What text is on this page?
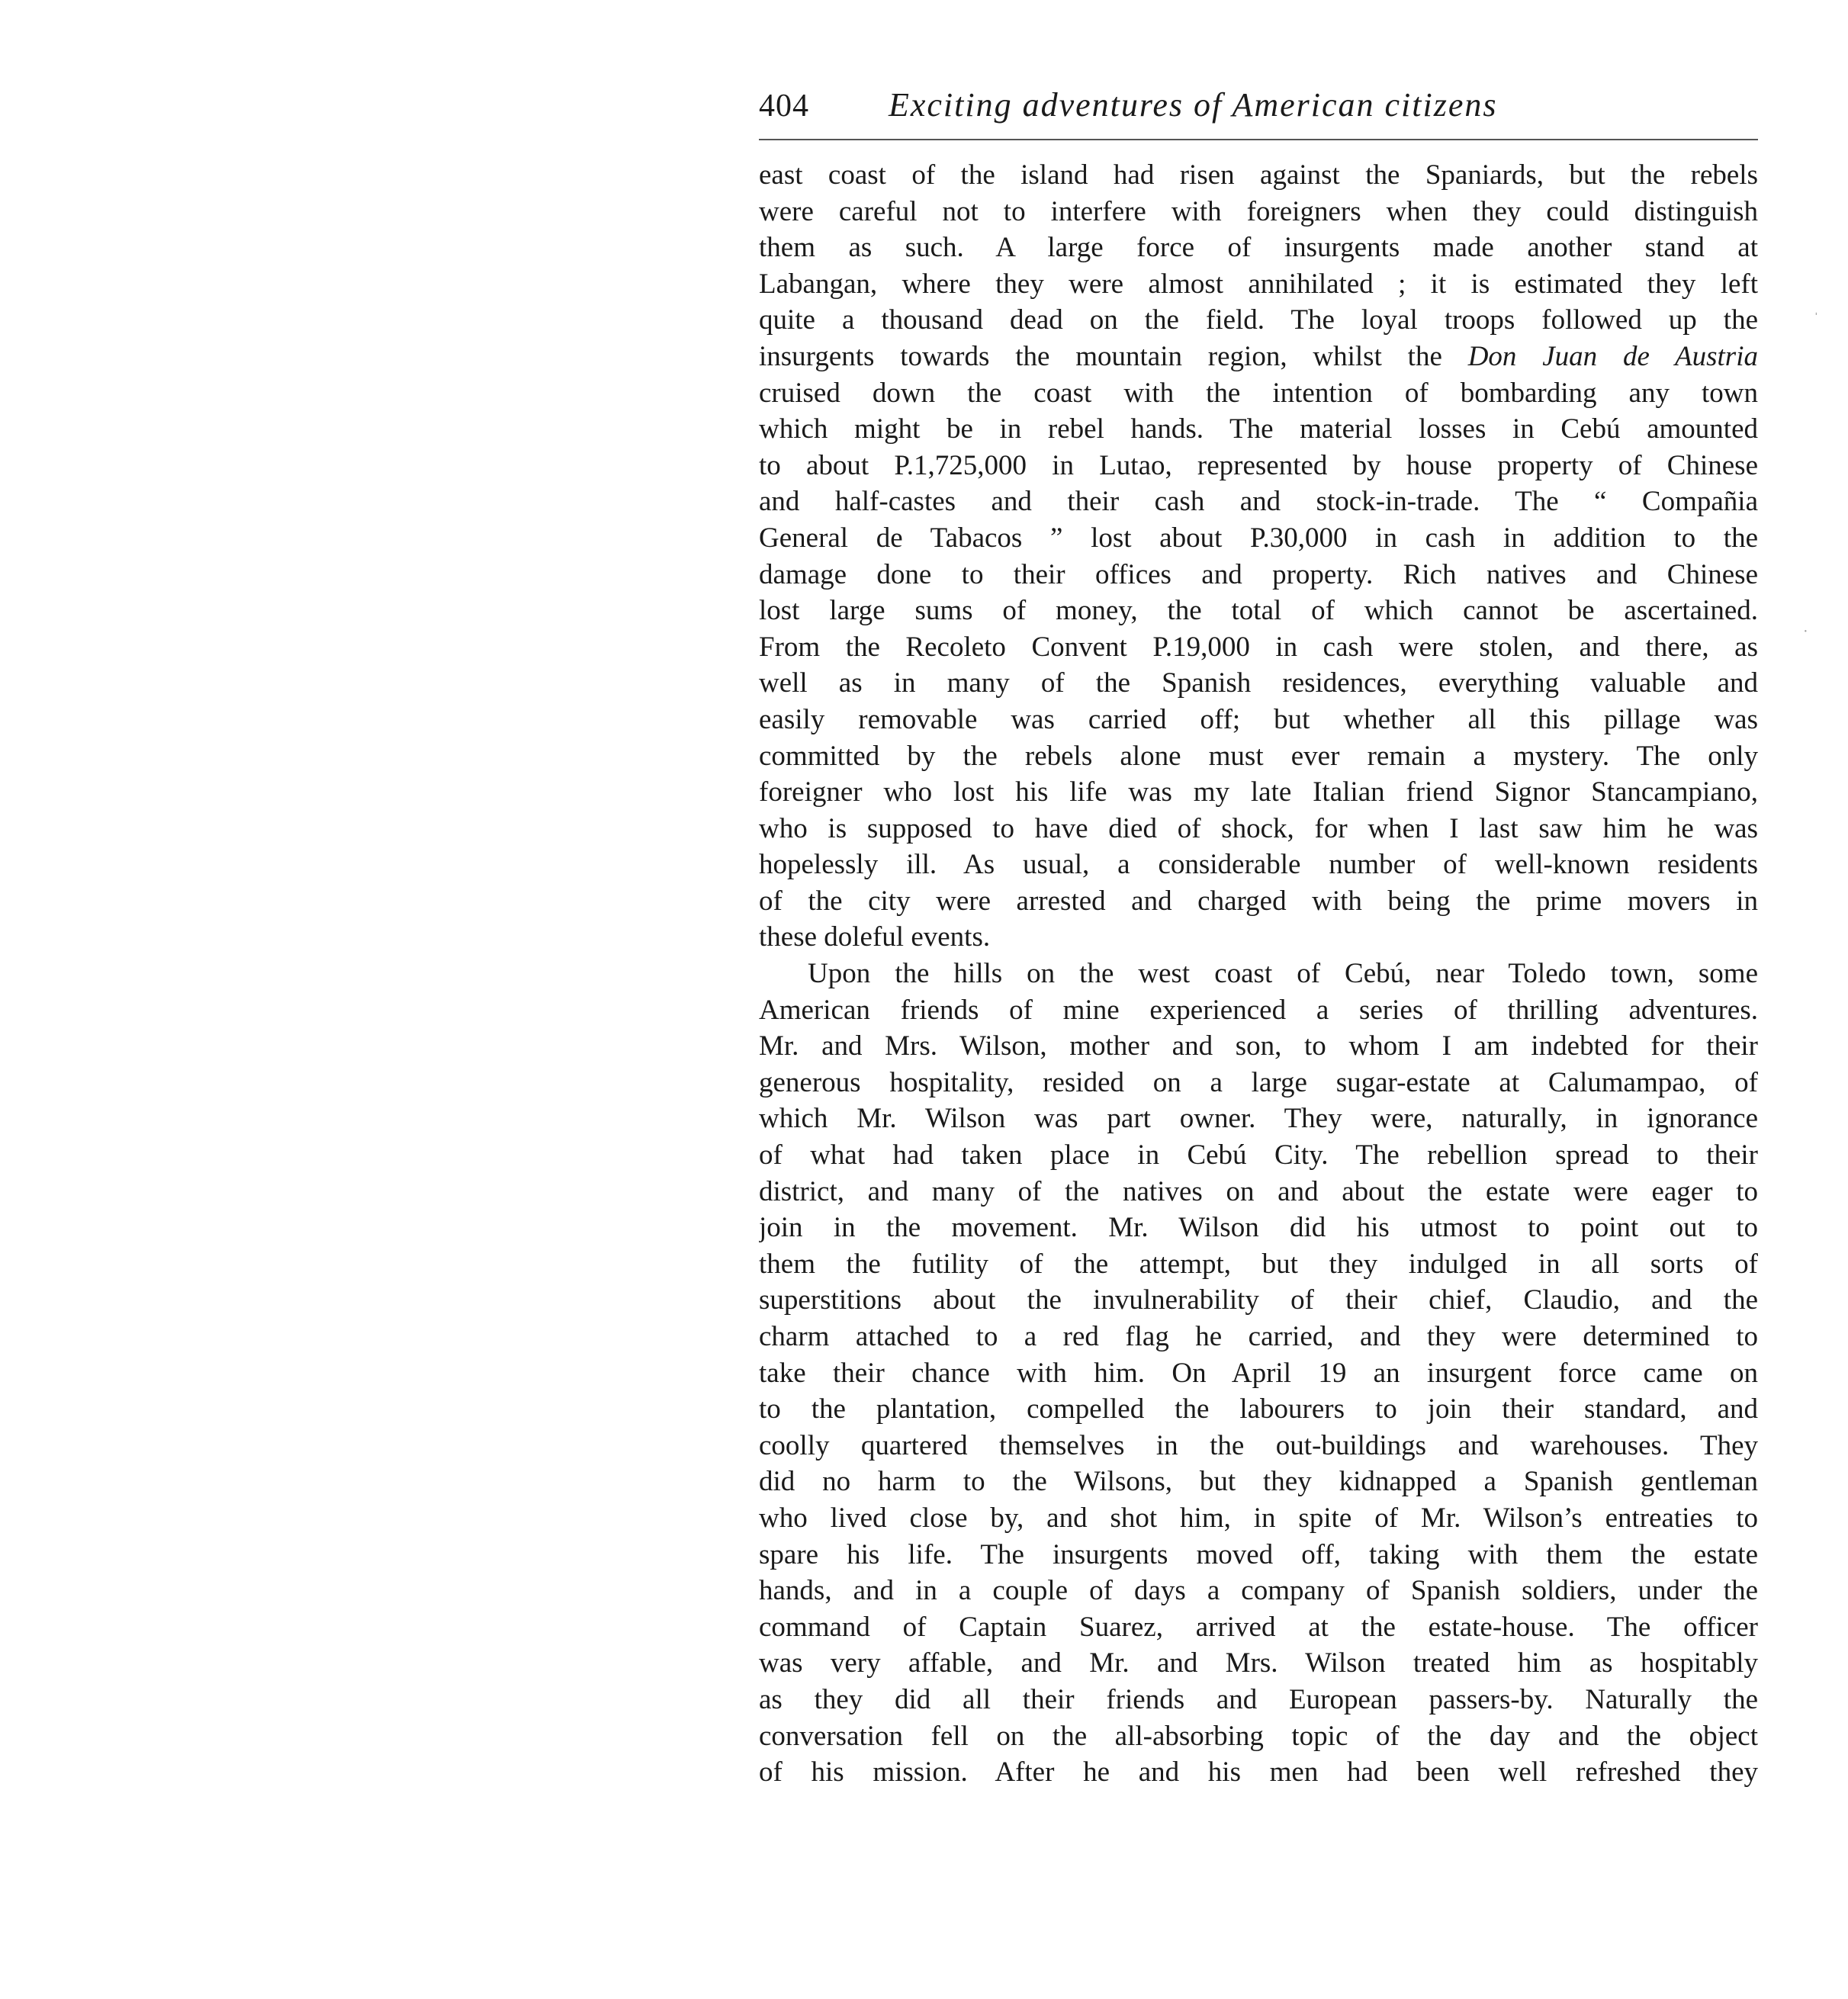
404 Exciting adventures of American citizens
east coast of the island had risen against the Spaniards, but the rebels
were careful not to interfere with foreigners when they could distinguish
them as such. A large force of insurgents made another stand at
Labangan, where they were almost annihilated ; it is estimated they left
quite a thousand dead on the field. The loyal troops followed up the
insurgents towards the mountain region, whilst the Don Juan de Austria
cruised down the coast with the intention of bombarding any town
which might be in rebel hands. The material losses in Cebú amounted
to about P.1,725,000 in Lutao, represented by house property of Chinese
and half-castes and their cash and stock-in-trade. The “ Compañia
General de Tabacos ” lost about P.30,000 in cash in addition to the
damage done to their offices and property. Rich natives and Chinese
lost large sums of money, the total of which cannot be ascertained.
From the Recoleto Convent P.19,000 in cash were stolen, and there, as
well as in many of the Spanish residences, everything valuable and
easily removable was carried off; but whether all this pillage was
committed by the rebels alone must ever remain a mystery. The only
foreigner who lost his life was my late Italian friend Signor Stancampiano,
who is supposed to have died of shock, for when I last saw him he was
hopelessly ill. As usual, a considerable number of well-known residents
of the city were arrested and charged with being the prime movers in
these doleful events.
Upon the hills on the west coast of Cebú, near Toledo town, some
American friends of mine experienced a series of thrilling adventures.
Mr. and Mrs. Wilson, mother and son, to whom I am indebted for their
generous hospitality, resided on a large sugar-estate at Calumampao, of
which Mr. Wilson was part owner. They were, naturally, in ignorance
of what had taken place in Cebú City. The rebellion spread to their
district, and many of the natives on and about the estate were eager to
join in the movement. Mr. Wilson did his utmost to point out to
them the futility of the attempt, but they indulged in all sorts of
superstitions about the invulnerability of their chief, Claudio, and the
charm attached to a red flag he carried, and they were determined to
take their chance with him. On April 19 an insurgent force came on
to the plantation, compelled the labourers to join their standard, and
coolly quartered themselves in the out-buildings and warehouses. They
did no harm to the Wilsons, but they kidnapped a Spanish gentleman
who lived close by, and shot him, in spite of Mr. Wilson’s entreaties to
spare his life. The insurgents moved off, taking with them the estate
hands, and in a couple of days a company of Spanish soldiers, under the
command of Captain Suarez, arrived at the estate-house. The officer
was very affable, and Mr. and Mrs. Wilson treated him as hospitably
as they did all their friends and European passers-by. Naturally the
conversation fell on the all-absorbing topic of the day and the object
of his mission. After he and his men had been well refreshed they
ˈ
·
